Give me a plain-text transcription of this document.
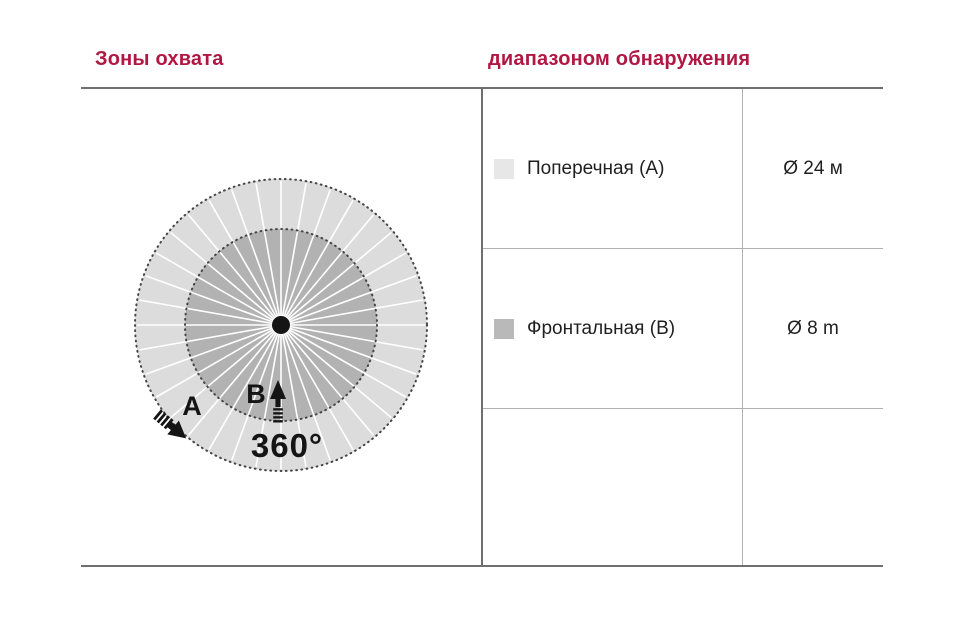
Зоны охвата	диапазоном обнаружения
Поперечная (A)	Ø 24 м
Фронтальная (B)	Ø 8 m
A B
360°
